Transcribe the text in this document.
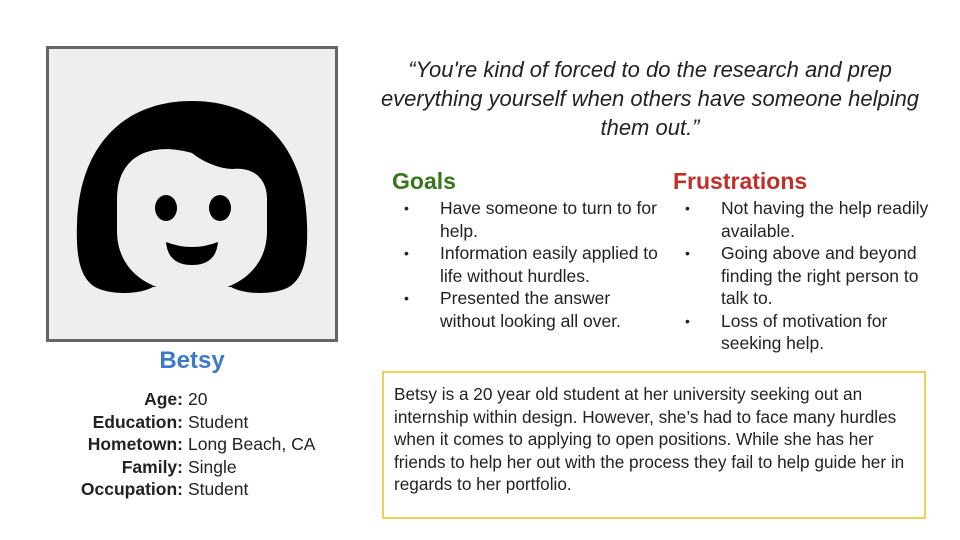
Betsy
Age: 20
Education: Student
Hometown: Long Beach, CA
Family: Single
Occupation: Student
“You're kind of forced to do the research and prep everything yourself when others have someone helping them out.”
Goals
• Have someone to turn to for help.
• Information easily applied to life without hurdles.
• Presented the answer without looking all over.
Frustrations
• Not having the help readily available.
• Going above and beyond finding the right person to talk to.
• Loss of motivation for seeking help.
Betsy is a 20 year old student at her university seeking out an internship within design. However, she’s had to face many hurdles when it comes to applying to open positions. While she has her friends to help her out with the process they fail to help guide her in regards to her portfolio.
